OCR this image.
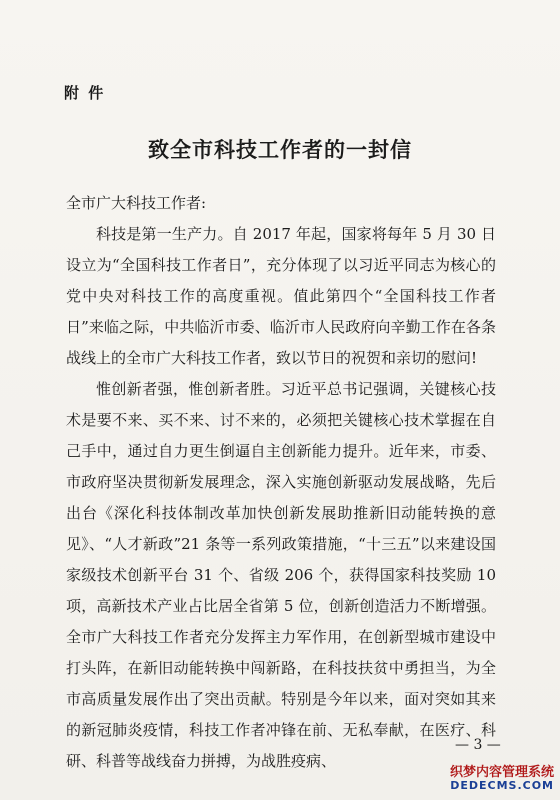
附 件
致全市科技工作者的一封信

全市广大科技工作者:

科技是第一生产力。自 2017 年起，国家将每年 5 月 30 日设立为“全国科技工作者日”，充分体现了以习近平同志为核心的党中央对科技工作的高度重视。值此第四个“全国科技工作者日”来临之际，中共临沂市委、临沂市人民政府向辛勤工作在各条战线上的全市广大科技工作者，致以节日的祝贺和亲切的慰问!

惟创新者强，惟创新者胜。习近平总书记强调，关键核心技术是要不来、买不来、讨不来的，必须把关键核心技术掌握在自己手中，通过自力更生倒逼自主创新能力提升。近年来，市委、市政府坚决贯彻新发展理念，深入实施创新驱动发展战略，先后出台《深化科技体制改革加快创新发展助推新旧动能转换的意见》、“人才新政”21 条等一系列政策措施，“十三五”以来建设国家级技术创新平台 31 个、省级 206 个，获得国家科技奖励 10 项，高新技术产业占比居全省第 5 位，创新创造活力不断增强。全市广大科技工作者充分发挥主力军作用，在创新型城市建设中打头阵，在新旧动能转换中闯新路，在科技扶贫中勇担当，为全市高质量发展作出了突出贡献。特别是今年以来，面对突如其来的新冠肺炎疫情，科技工作者冲锋在前、无私奉献，在医疗、科研、科普等战线奋力拼搏，为战胜疫病、

— 3 —
织梦内容管理系统
DEDECMS.COM
